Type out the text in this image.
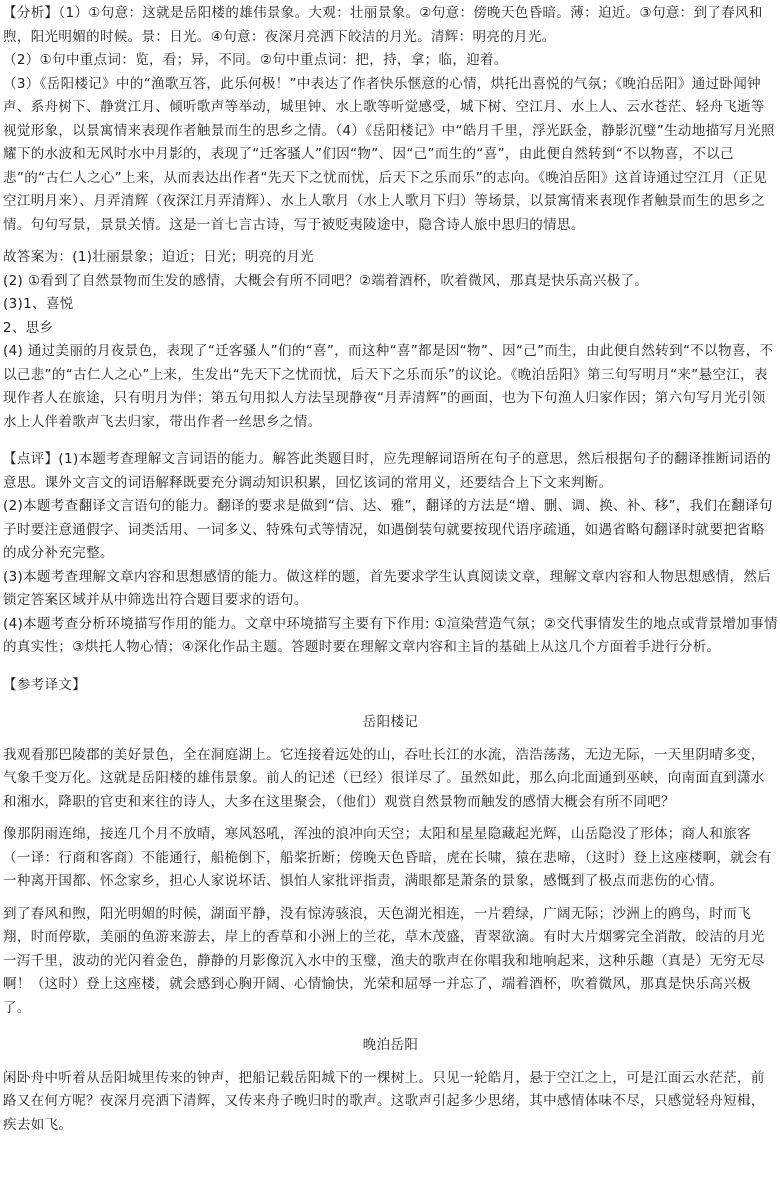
【分析】（1）①句意：这就是岳阳楼的雄伟景象。大观：壮丽景象。②句意：傍晚天色昏暗。薄：迫近。③句意：到了春风和煦，阳光明媚的时候。景：日光。④句意：夜深月亮洒下皎洁的月光。清辉：明亮的月光。

（2）①句中重点词：览，看；异，不同。②句中重点词：把，持，拿；临，迎着。

（3）《岳阳楼记》中的“渔歌互答，此乐何极！”中表达了作者快乐惬意的心情，烘托出喜悦的气氛；《晚泊岳阳》通过卧闻钟声、系舟树下、静赏江月、倾听歌声等举动，城里钟、水上歌等听觉感受，城下树、空江月、水上人、云水苍茫、轻舟飞逝等视觉形象，以景寓情来表现作者触景而生的思乡之情。（4）《岳阳楼记》中“皓月千里，浮光跃金，静影沉璧”生动地描写月光照耀下的水波和无风时水中月影的，表现了“迁客骚人”们因“物”、因“己”而生的“喜”，由此便自然转到“不以物喜，不以己悲”的“古仁人之心”上来，从而表达出作者“先天下之忧而忧，后天下之乐而乐”的志向。《晚泊岳阳》这首诗通过空江月（正见空江明月来）、月弄清辉（夜深江月弄清辉）、水上人歌月（水上人歌月下归）等场景，以景寓情来表现作者触景而生的思乡之情。句句写景，景景关情。这是一首七言古诗，写于被贬夷陵途中，隐含诗人旅中思归的情思。

故答案为：(1)壮丽景象；迫近；日光；明亮的月光

(2) ①看到了自然景物而生发的感情，大概会有所不同吧？②端着酒杯，吹着微风，那真是快乐高兴极了。

(3)1、喜悦

2、思乡

(4) 通过美丽的月夜景色，表现了“迁客骚人”们的“喜”，而这种“喜”都是因“物”、因“己”而生，由此便自然转到“不以物喜，不以己悲”的“古仁人之心”上来，生发出“先天下之忧而忧，后天下之乐而乐”的议论。《晚泊岳阳》第三句写明月“来”悬空江，表现作者人在旅途，只有明月为伴；第五句用拟人方法呈现静夜“月弄清辉”的画面，也为下句渔人归家作因；第六句写月光引领水上人伴着歌声飞去归家，带出作者一丝思乡之情。

【点评】(1)本题考查理解文言词语的能力。解答此类题目时，应先理解词语所在句子的意思，然后根据句子的翻译推断词语的意思。课外文言文的词语解释既要充分调动知识积累，回忆该词的常用义，还要结合上下文来判断。

(2)本题考查翻译文言语句的能力。翻译的要求是做到“信、达、雅”，翻译的方法是“增、删、调、换、补、移”，我们在翻译句子时要注意通假字、词类活用、一词多义、特殊句式等情况，如遇倒装句就要按现代语序疏通，如遇省略句翻译时就要把省略的成分补充完整。

(3)本题考查理解文章内容和思想感情的能力。做这样的题，首先要求学生认真阅读文章，理解文章内容和人物思想感情，然后锁定答案区域并从中筛选出符合题目要求的语句。

(4)本题考查分析环境描写作用的能力。文章中环境描写主要有下作用: ①渲染营造气氛；②交代事情发生的地点或背景增加事情的真实性；③烘托人物心情；④深化作品主题。答题时要在理解文章内容和主旨的基础上从这几个方面着手进行分析。

【参考译文】

岳阳楼记

我观看那巴陵郡的美好景色，全在洞庭湖上。它连接着远处的山，吞吐长江的水流，浩浩荡荡，无边无际，一天里阴晴多变，气象千变万化。这就是岳阳楼的雄伟景象。前人的记述（已经）很详尽了。虽然如此，那么向北面通到巫峡，向南面直到潇水和湘水，降职的官吏和来往的诗人，大多在这里聚会，（他们）观赏自然景物而触发的感情大概会有所不同吧？

像那阴雨连绵，接连几个月不放晴，寒风怒吼，浑浊的浪冲向天空；太阳和星星隐藏起光辉，山岳隐没了形体；商人和旅客（一译：行商和客商）不能通行，船桅倒下，船桨折断；傍晚天色昏暗，虎在长啸，猿在悲啼，（这时）登上这座楼啊，就会有一种离开国都、怀念家乡，担心人家说坏话、惧怕人家批评指责，满眼都是萧条的景象，感慨到了极点而悲伤的心情。

到了春风和煦，阳光明媚的时候，湖面平静，没有惊涛骇浪，天色湖光相连，一片碧绿，广阔无际；沙洲上的鸥鸟，时而飞翔，时而停歇，美丽的鱼游来游去，岸上的香草和小洲上的兰花，草木茂盛，青翠欲滴。有时大片烟雾完全消散，皎洁的月光一泻千里，波动的光闪着金色，静静的月影像沉入水中的玉璧，渔夫的歌声在你唱我和地响起来，这种乐趣（真是）无穷无尽啊！（这时）登上这座楼，就会感到心胸开阔、心情愉快，光荣和屈辱一并忘了，端着酒杯，吹着微风，那真是快乐高兴极了。

晚泊岳阳

闲卧舟中听着从岳阳城里传来的钟声，把船记载岳阳城下的一棵树上。只见一轮皓月，悬于空江之上，可是江面云水茫茫，前路又在何方呢？夜深月亮洒下清辉，又传来舟子晚归时的歌声。这歌声引起多少思绪，其中感情体味不尽，只感觉轻舟短楫，疾去如飞。
